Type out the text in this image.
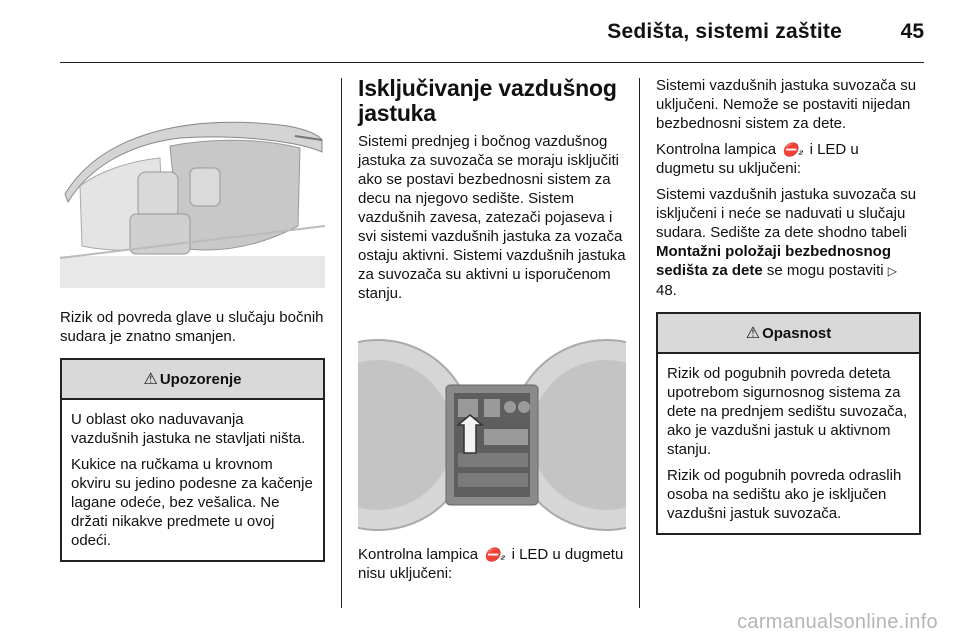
Sedišta, sistemi zaštite	45

Rizik od povreda glave u slučaju bočnih sudara je znatno smanjen.

⚠ Upozorenje

U oblast oko naduvavanja vazdušnih jastuka ne stavljati ništa.

Kukice na ručkama u krovnom okviru su jedino podesne za kačenje lagane odeće, bez vešalica. Ne držati nikakve predmete u ovoj odeći.

Isključivanje vazdušnog jastuka

Sistemi prednjeg i bočnog vazdušnog jastuka za suvozača se moraju isključiti ako se postavi bezbednosni sistem za decu na njegovo sedište. Sistem vazdušnih zavesa, zatezači pojaseva i svi sistemi vazdušnih jastuka za vozača ostaju aktivni. Sistemi vazdušnih jastuka za suvozača su aktivni u isporučenom stanju.

Kontrolna lampica ⛔₂ i LED u dugmetu nisu uključeni:

Sistemi vazdušnih jastuka suvozača su uključeni. Nemože se postaviti nijedan bezbednosni sistem za dete.

Kontrolna lampica ⛔₂ i LED u dugmetu su uključeni:

Sistemi vazdušnih jastuka suvozača su isključeni i neće se naduvati u slučaju sudara. Sedište za dete shodno tabeli Montažni položaji bezbednosnog sedišta za dete se mogu postaviti ▷ 48.

⚠ Opasnost

Rizik od pogubnih povreda deteta upotrebom sigurnosnog sistema za dete na prednjem sedištu suvozača, ako je vazdušni jastuk u aktivnom stanju.

Rizik od pogubnih povreda odraslih osoba na sedištu ako je isključen vazdušni jastuk suvozača.

carmanualsonline.info
